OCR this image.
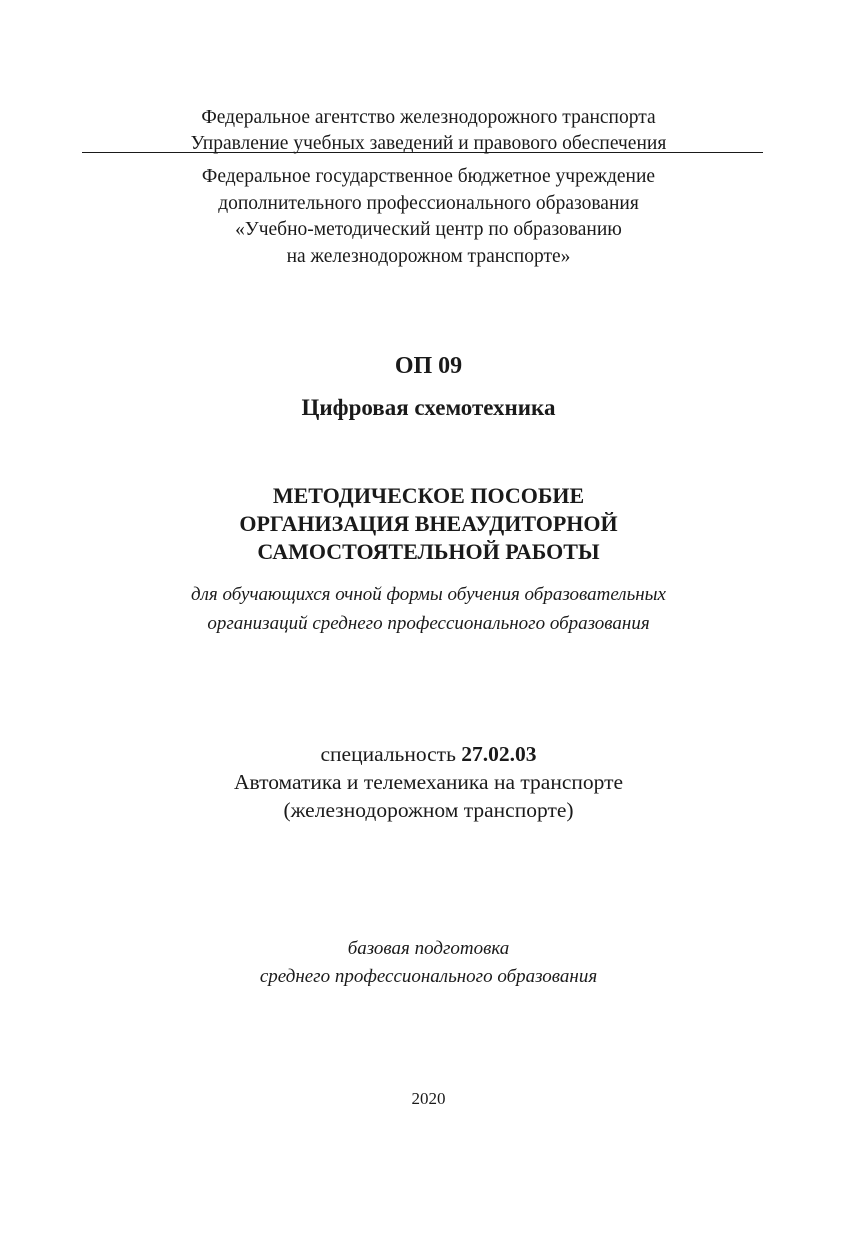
Федеральное агентство железнодорожного транспорта
Управление учебных заведений и правового обеспечения
Федеральное государственное бюджетное учреждение
дополнительного профессионального образования
«Учебно-методический центр по образованию
на железнодорожном транспорте»
ОП 09
Цифровая схемотехника
МЕТОДИЧЕСКОЕ ПОСОБИЕ
ОРГАНИЗАЦИЯ ВНЕАУДИТОРНОЙ
САМОСТОЯТЕЛЬНОЙ РАБОТЫ
для обучающихся очной формы обучения образовательных
организаций среднего профессионального образования
специальность 27.02.03
Автоматика и телемеханика на транспорте
(железнодорожном транспорте)
базовая подготовка
среднего профессионального образования
2020
